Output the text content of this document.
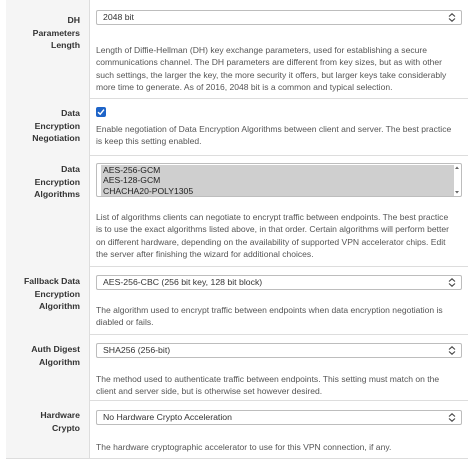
DH
Parameters
Length
2048 bit
Length of Diffie-Hellman (DH) key exchange parameters, used for establishing a secure
communications channel. The DH parameters are different from key sizes, but as with other
such settings, the larger the key, the more security it offers, but larger keys take considerably
more time to generate. As of 2016, 2048 bit is a common and typical selection.
Data
Encryption
Negotiation
Enable negotiation of Data Encryption Algorithms between client and server. The best practice
is keep this setting enabled.
Data
Encryption
Algorithms
AES-256-GCM
AES-128-GCM
CHACHA20-POLY1305
List of algorithms clients can negotiate to encrypt traffic between endpoints. The best practice
is to use the exact algorithms listed above, in that order. Certain algorithms will perform better
on different hardware, depending on the availability of supported VPN accelerator chips. Edit
the server after finishing the wizard for additional choices.
Fallback Data
Encryption
Algorithm
AES-256-CBC (256 bit key, 128 bit block)
The algorithm used to encrypt traffic between endpoints when data encryption negotiation is
diabled or fails.
Auth Digest
Algorithm
SHA256 (256-bit)
The method used to authenticate traffic between endpoints. This setting must match on the
client and server side, but is otherwise set however desired.
Hardware
Crypto
No Hardware Crypto Acceleration
The hardware cryptographic accelerator to use for this VPN connection, if any.
